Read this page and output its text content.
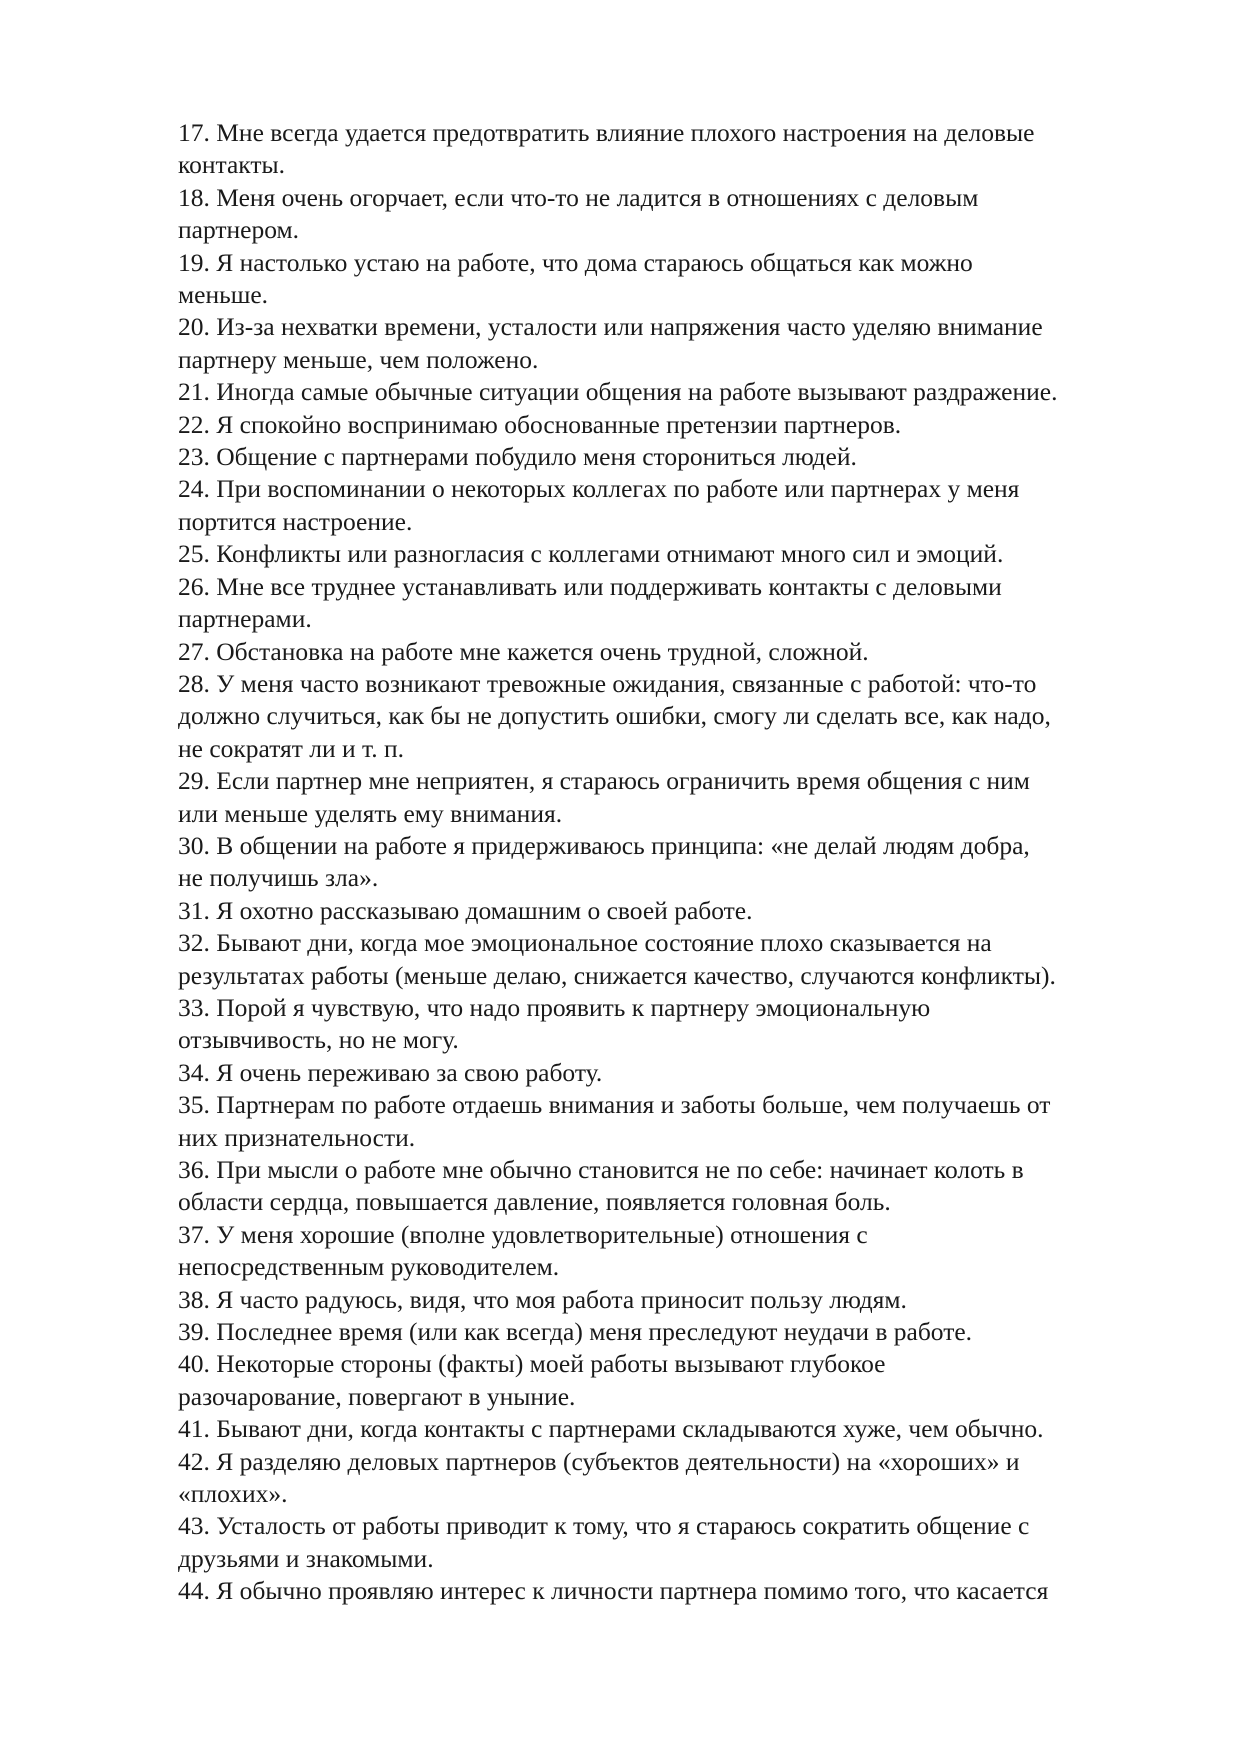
17. Мне всегда удается предотвратить влияние плохого настроения на деловые
контакты.
18. Меня очень огорчает, если что-то не ладится в отношениях с деловым
партнером.
19. Я настолько устаю на работе, что дома стараюсь общаться как можно
меньше.
20. Из-за нехватки времени, усталости или напряжения часто уделяю внимание
партнеру меньше, чем положено.
21. Иногда самые обычные ситуации общения на работе вызывают раздражение.
22. Я спокойно воспринимаю обоснованные претензии партнеров.
23. Общение с партнерами побудило меня сторониться людей.
24. При воспоминании о некоторых коллегах по работе или партнерах у меня
портится настроение.
25. Конфликты или разногласия с коллегами отнимают много сил и эмоций.
26. Мне все труднее устанавливать или поддерживать контакты с деловыми
партнерами.
27. Обстановка на работе мне кажется очень трудной, сложной.
28. У меня часто возникают тревожные ожидания, связанные с работой: что-то
должно случиться, как бы не допустить ошибки, смогу ли сделать все, как надо,
не сократят ли и т. п.
29. Если партнер мне неприятен, я стараюсь ограничить время общения с ним
или меньше уделять ему внимания.
30. В общении на работе я придерживаюсь принципа: «не делай людям добра,
не получишь зла».
31. Я охотно рассказываю домашним о своей работе.
32. Бывают дни, когда мое эмоциональное состояние плохо сказывается на
результатах работы (меньше делаю, снижается качество, случаются конфликты).
33. Порой я чувствую, что надо проявить к партнеру эмоциональную
отзывчивость, но не могу.
34. Я очень переживаю за свою работу.
35. Партнерам по работе отдаешь внимания и заботы больше, чем получаешь от
них признательности.
36. При мысли о работе мне обычно становится не по себе: начинает колоть в
области сердца, повышается давление, появляется головная боль.
37. У меня хорошие (вполне удовлетворительные) отношения с
непосредственным руководителем.
38. Я часто радуюсь, видя, что моя работа приносит пользу людям.
39. Последнее время (или как всегда) меня преследуют неудачи в работе.
40. Некоторые стороны (факты) моей работы вызывают глубокое
разочарование, повергают в уныние.
41. Бывают дни, когда контакты с партнерами складываются хуже, чем обычно.
42. Я разделяю деловых партнеров (субъектов деятельности) на «хороших» и
«плохих».
43. Усталость от работы приводит к тому, что я стараюсь сократить общение с
друзьями и знакомыми.
44. Я обычно проявляю интерес к личности партнера помимо того, что касается
